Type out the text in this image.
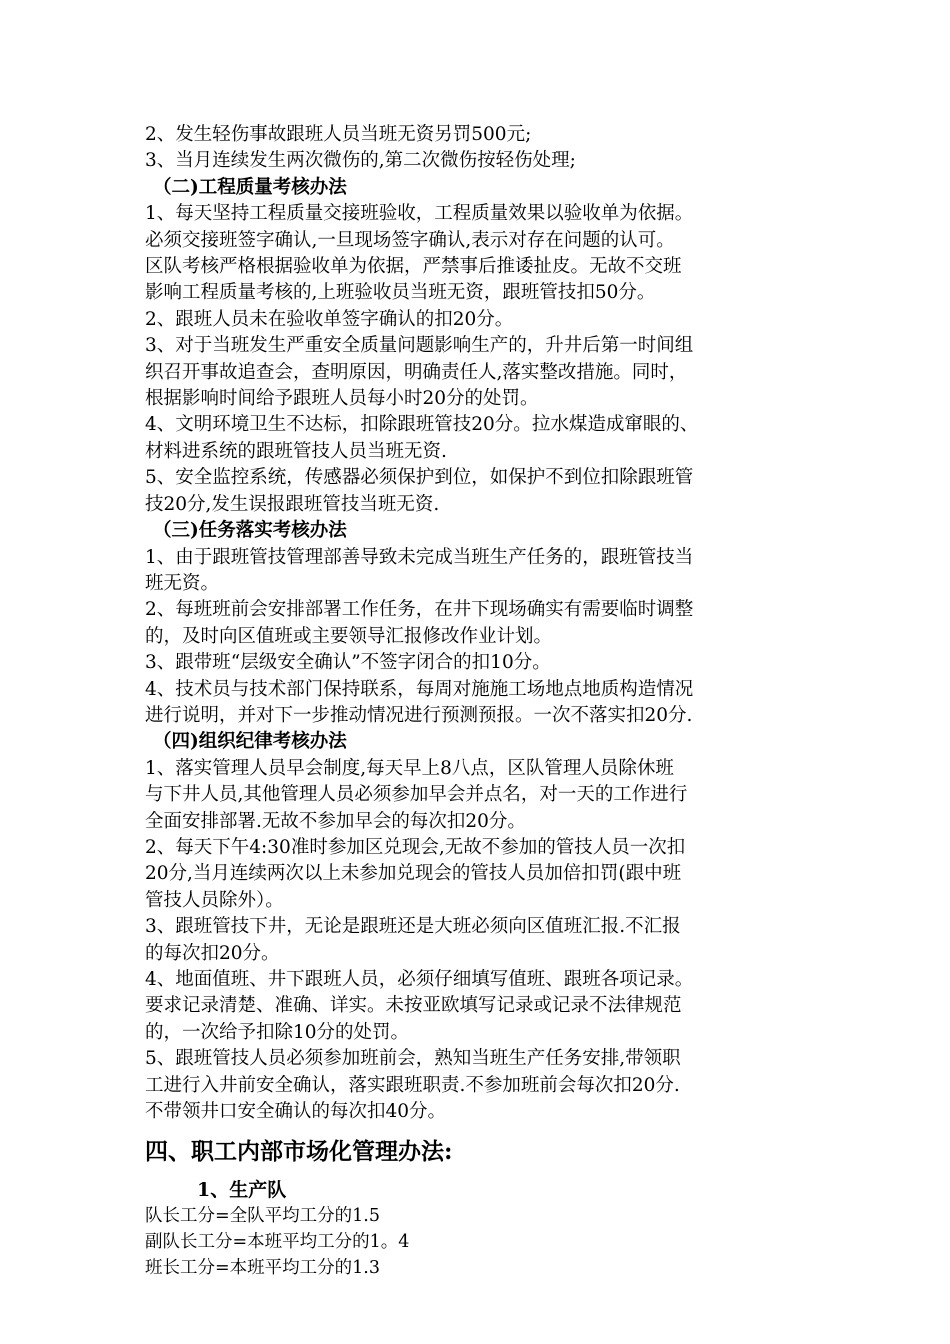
2、发生轻伤事故跟班人员当班无资另罚500元;

3、当月连续发生两次微伤的,第二次微伤按轻伤处理;

（二)工程质量考核办法

1、每天坚持工程质量交接班验收，工程质量效果以验收单为依据。

必须交接班签字确认,一旦现场签字确认,表示对存在问题的认可。

区队考核严格根据验收单为依据，严禁事后推诿扯皮。无故不交班

影响工程质量考核的,上班验收员当班无资，跟班管技扣50分。

2、跟班人员未在验收单签字确认的扣20分。

3、对于当班发生严重安全质量问题影响生产的，升井后第一时间组

织召开事故追查会，查明原因，明确责任人,落实整改措施。同时，

根据影响时间给予跟班人员每小时20分的处罚。

4、文明环境卫生不达标，扣除跟班管技20分。拉水煤造成窜眼的、

材料进系统的跟班管技人员当班无资.

5、安全监控系统，传感器必须保护到位，如保护不到位扣除跟班管

技20分,发生误报跟班管技当班无资.

（三)任务落实考核办法

1、由于跟班管技管理部善导致未完成当班生产任务的，跟班管技当

班无资。

2、每班班前会安排部署工作任务，在井下现场确实有需要临时调整

的，及时向区值班或主要领导汇报修改作业计划。

3、跟带班“层级安全确认”不签字闭合的扣10分。

4、技术员与技术部门保持联系，每周对施施工场地点地质构造情况

进行说明，并对下一步推动情况进行预测预报。一次不落实扣20分.

（四)组织纪律考核办法

1、落实管理人员早会制度,每天早上8八点，区队管理人员除休班

与下井人员,其他管理人员必须参加早会并点名，对一天的工作进行

全面安排部署.无故不参加早会的每次扣20分。

2、每天下午4:30准时参加区兑现会,无故不参加的管技人员一次扣

20分,当月连续两次以上未参加兑现会的管技人员加倍扣罚(跟中班

管技人员除外）。

3、跟班管技下井，无论是跟班还是大班必须向区值班汇报.不汇报

的每次扣20分。

4、地面值班、井下跟班人员，必须仔细填写值班、跟班各项记录。

要求记录清楚、准确、详实。未按亚欧填写记录或记录不法律规范

的，一次给予扣除10分的处罚。

5、跟班管技人员必须参加班前会，熟知当班生产任务安排,带领职

工进行入井前安全确认，落实跟班职责.不参加班前会每次扣20分.

不带领井口安全确认的每次扣40分。

四、职工内部市场化管理办法:

1、生产队

队长工分=全队平均工分的1.5

副队长工分=本班平均工分的1。4

班长工分=本班平均工分的1.3
